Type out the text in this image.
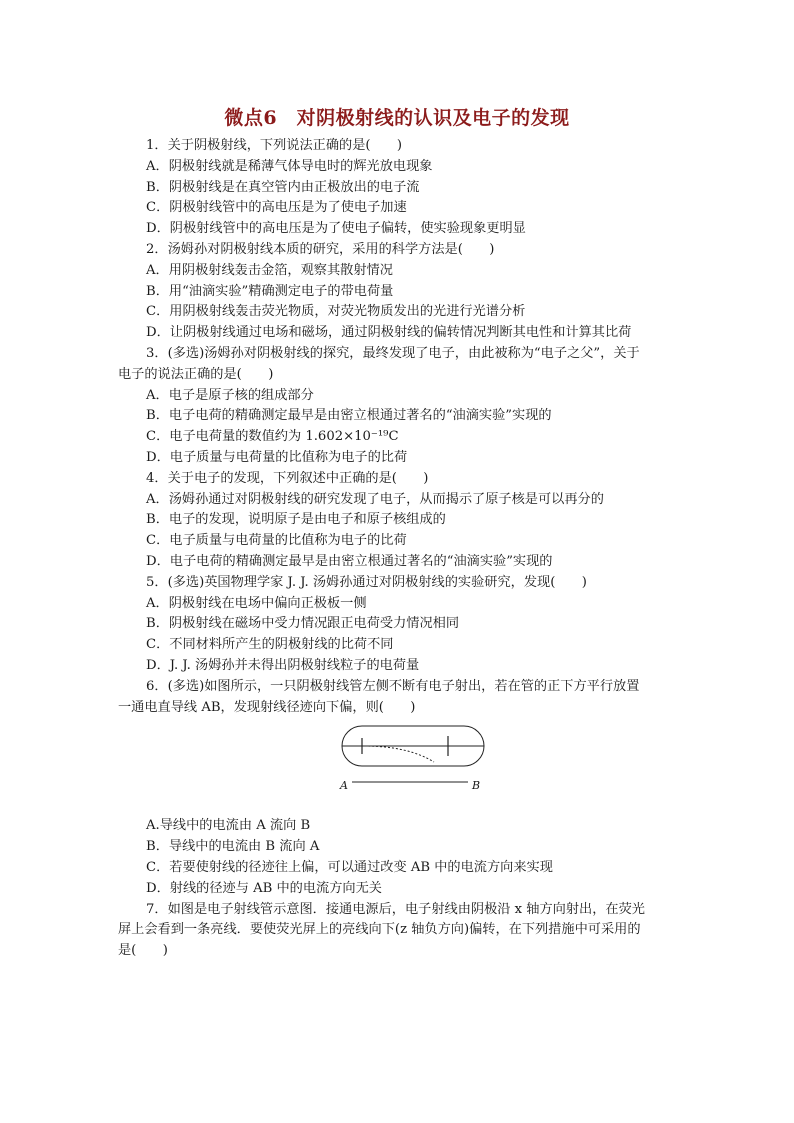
微点6　对阴极射线的认识及电子的发现
1．关于阴极射线，下列说法正确的是(　　)
A．阴极射线就是稀薄气体导电时的辉光放电现象
B．阴极射线是在真空管内由正极放出的电子流
C．阴极射线管中的高电压是为了使电子加速
D．阴极射线管中的高电压是为了使电子偏转，使实验现象更明显
2．汤姆孙对阴极射线本质的研究，采用的科学方法是(　　)
A．用阴极射线轰击金箔，观察其散射情况
B．用“油滴实验”精确测定电子的带电荷量
C．用阴极射线轰击荧光物质，对荧光物质发出的光进行光谱分析
D．让阴极射线通过电场和磁场，通过阴极射线的偏转情况判断其电性和计算其比荷
3．(多选)汤姆孙对阴极射线的探究，最终发现了电子，由此被称为“电子之父”，关于
电子的说法正确的是(　　)
A．电子是原子核的组成部分
B．电子电荷的精确测定最早是由密立根通过著名的“油滴实验”实现的
C．电子电荷量的数值约为 1.602×10⁻¹⁹C
D．电子质量与电荷量的比值称为电子的比荷
4．关于电子的发现，下列叙述中正确的是(　　)
A．汤姆孙通过对阴极射线的研究发现了电子，从而揭示了原子核是可以再分的
B．电子的发现，说明原子是由电子和原子核组成的
C．电子质量与电荷量的比值称为电子的比荷
D．电子电荷的精确测定最早是由密立根通过著名的“油滴实验”实现的
5．(多选)英国物理学家 J. J. 汤姆孙通过对阴极射线的实验研究，发现(　　)
A．阴极射线在电场中偏向正极板一侧
B．阴极射线在磁场中受力情况跟正电荷受力情况相同
C．不同材料所产生的阴极射线的比荷不同
D．J. J. 汤姆孙并未得出阴极射线粒子的电荷量
6．(多选)如图所示，一只阴极射线管左侧不断有电子射出，若在管的正下方平行放置
一通电直导线 AB，发现射线径迹向下偏，则(　　)
A	B
A.导线中的电流由 A 流向 B
B．导线中的电流由 B 流向 A
C．若要使射线的径迹往上偏，可以通过改变 AB 中的电流方向来实现
D．射线的径迹与 AB 中的电流方向无关
7．如图是电子射线管示意图．接通电源后，电子射线由阴极沿 x 轴方向射出，在荧光
屏上会看到一条亮线．要使荧光屏上的亮线向下(z 轴负方向)偏转，在下列措施中可采用的
是(　　)
